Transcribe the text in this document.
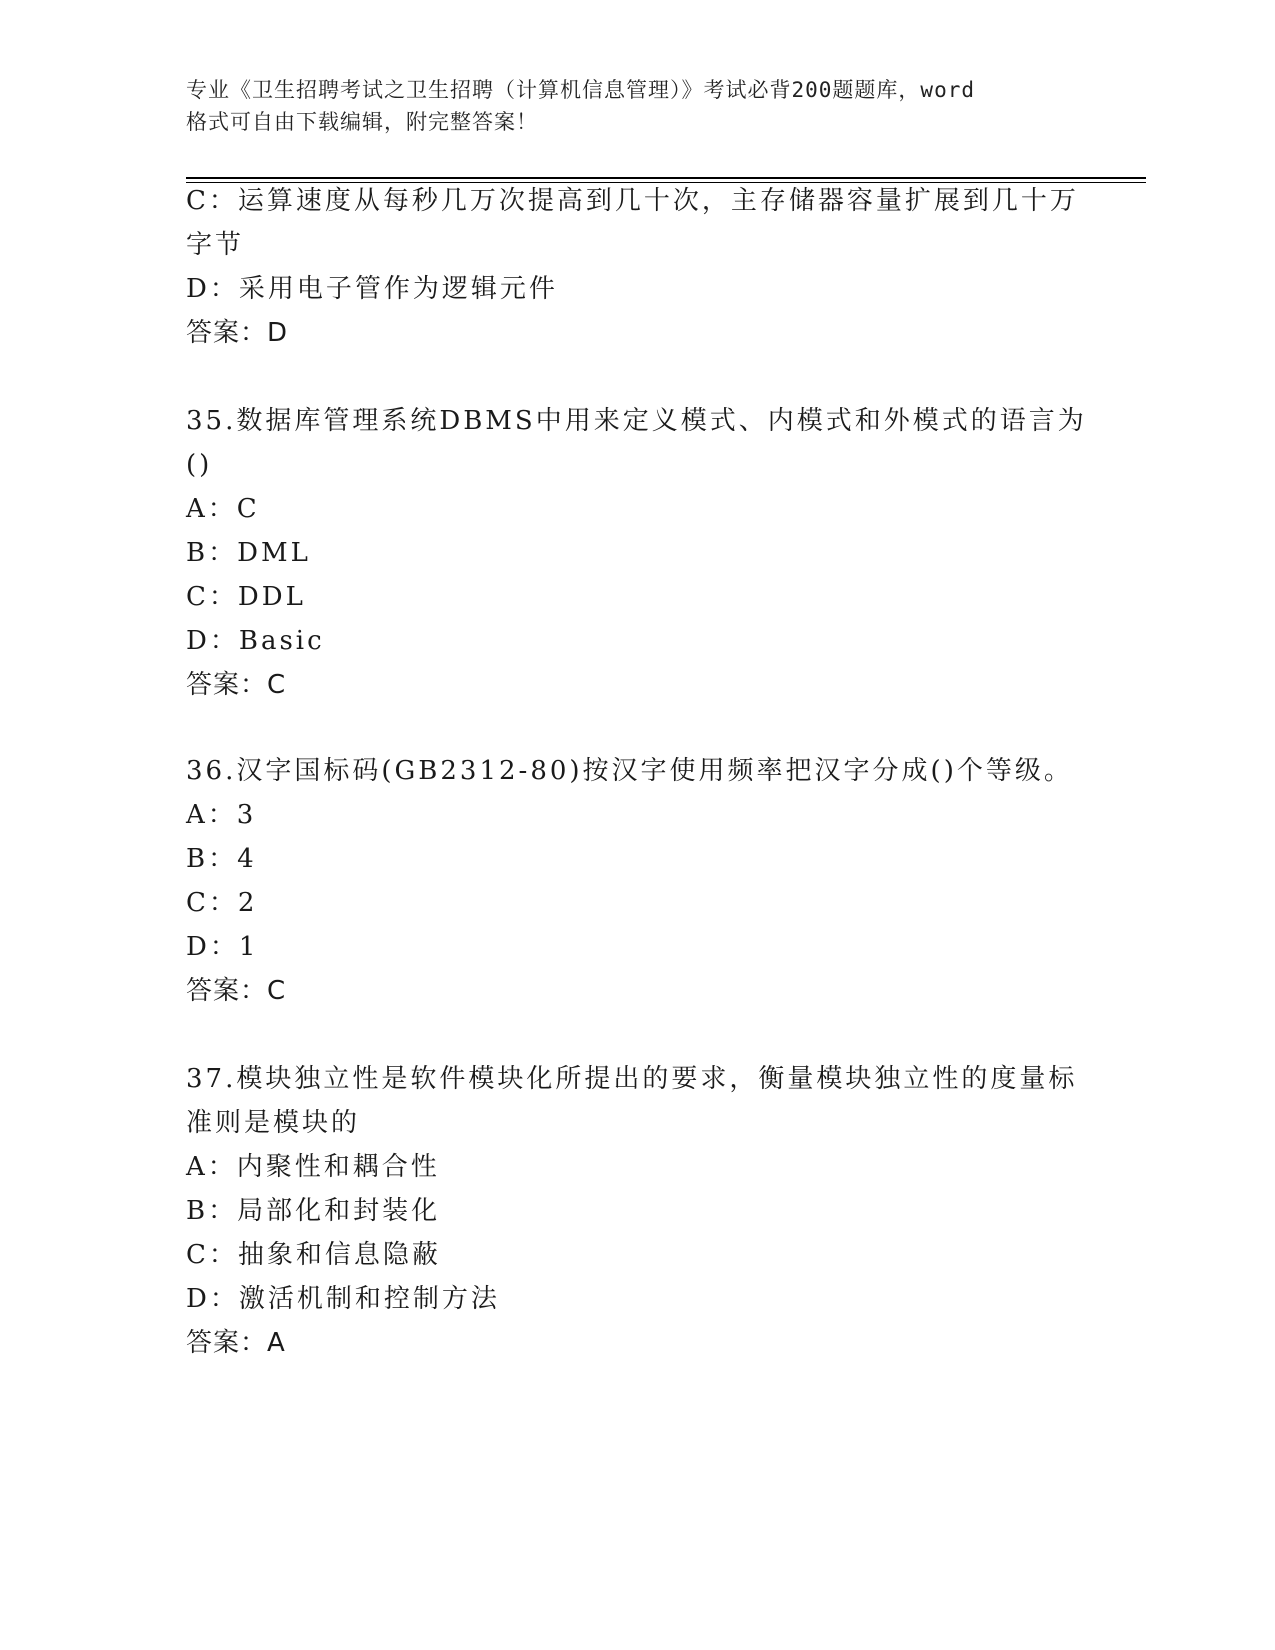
专业《卫生招聘考试之卫生招聘（计算机信息管理）》考试必背200题题库，word
格式可自由下载编辑，附完整答案！
C：运算速度从每秒几万次提高到几十次，主存储器容量扩展到几十万
字节
D：采用电子管作为逻辑元件
答案：D
35.数据库管理系统DBMS中用来定义模式、内模式和外模式的语言为
()
A：C
B：DML
C：DDL
D：Basic
答案：C
36.汉字国标码(GB2312-80)按汉字使用频率把汉字分成()个等级。
A：3
B：4
C：2
D：1
答案：C
37.模块独立性是软件模块化所提出的要求，衡量模块独立性的度量标
准则是模块的
A：内聚性和耦合性
B：局部化和封装化
C：抽象和信息隐蔽
D：激活机制和控制方法
答案：A
